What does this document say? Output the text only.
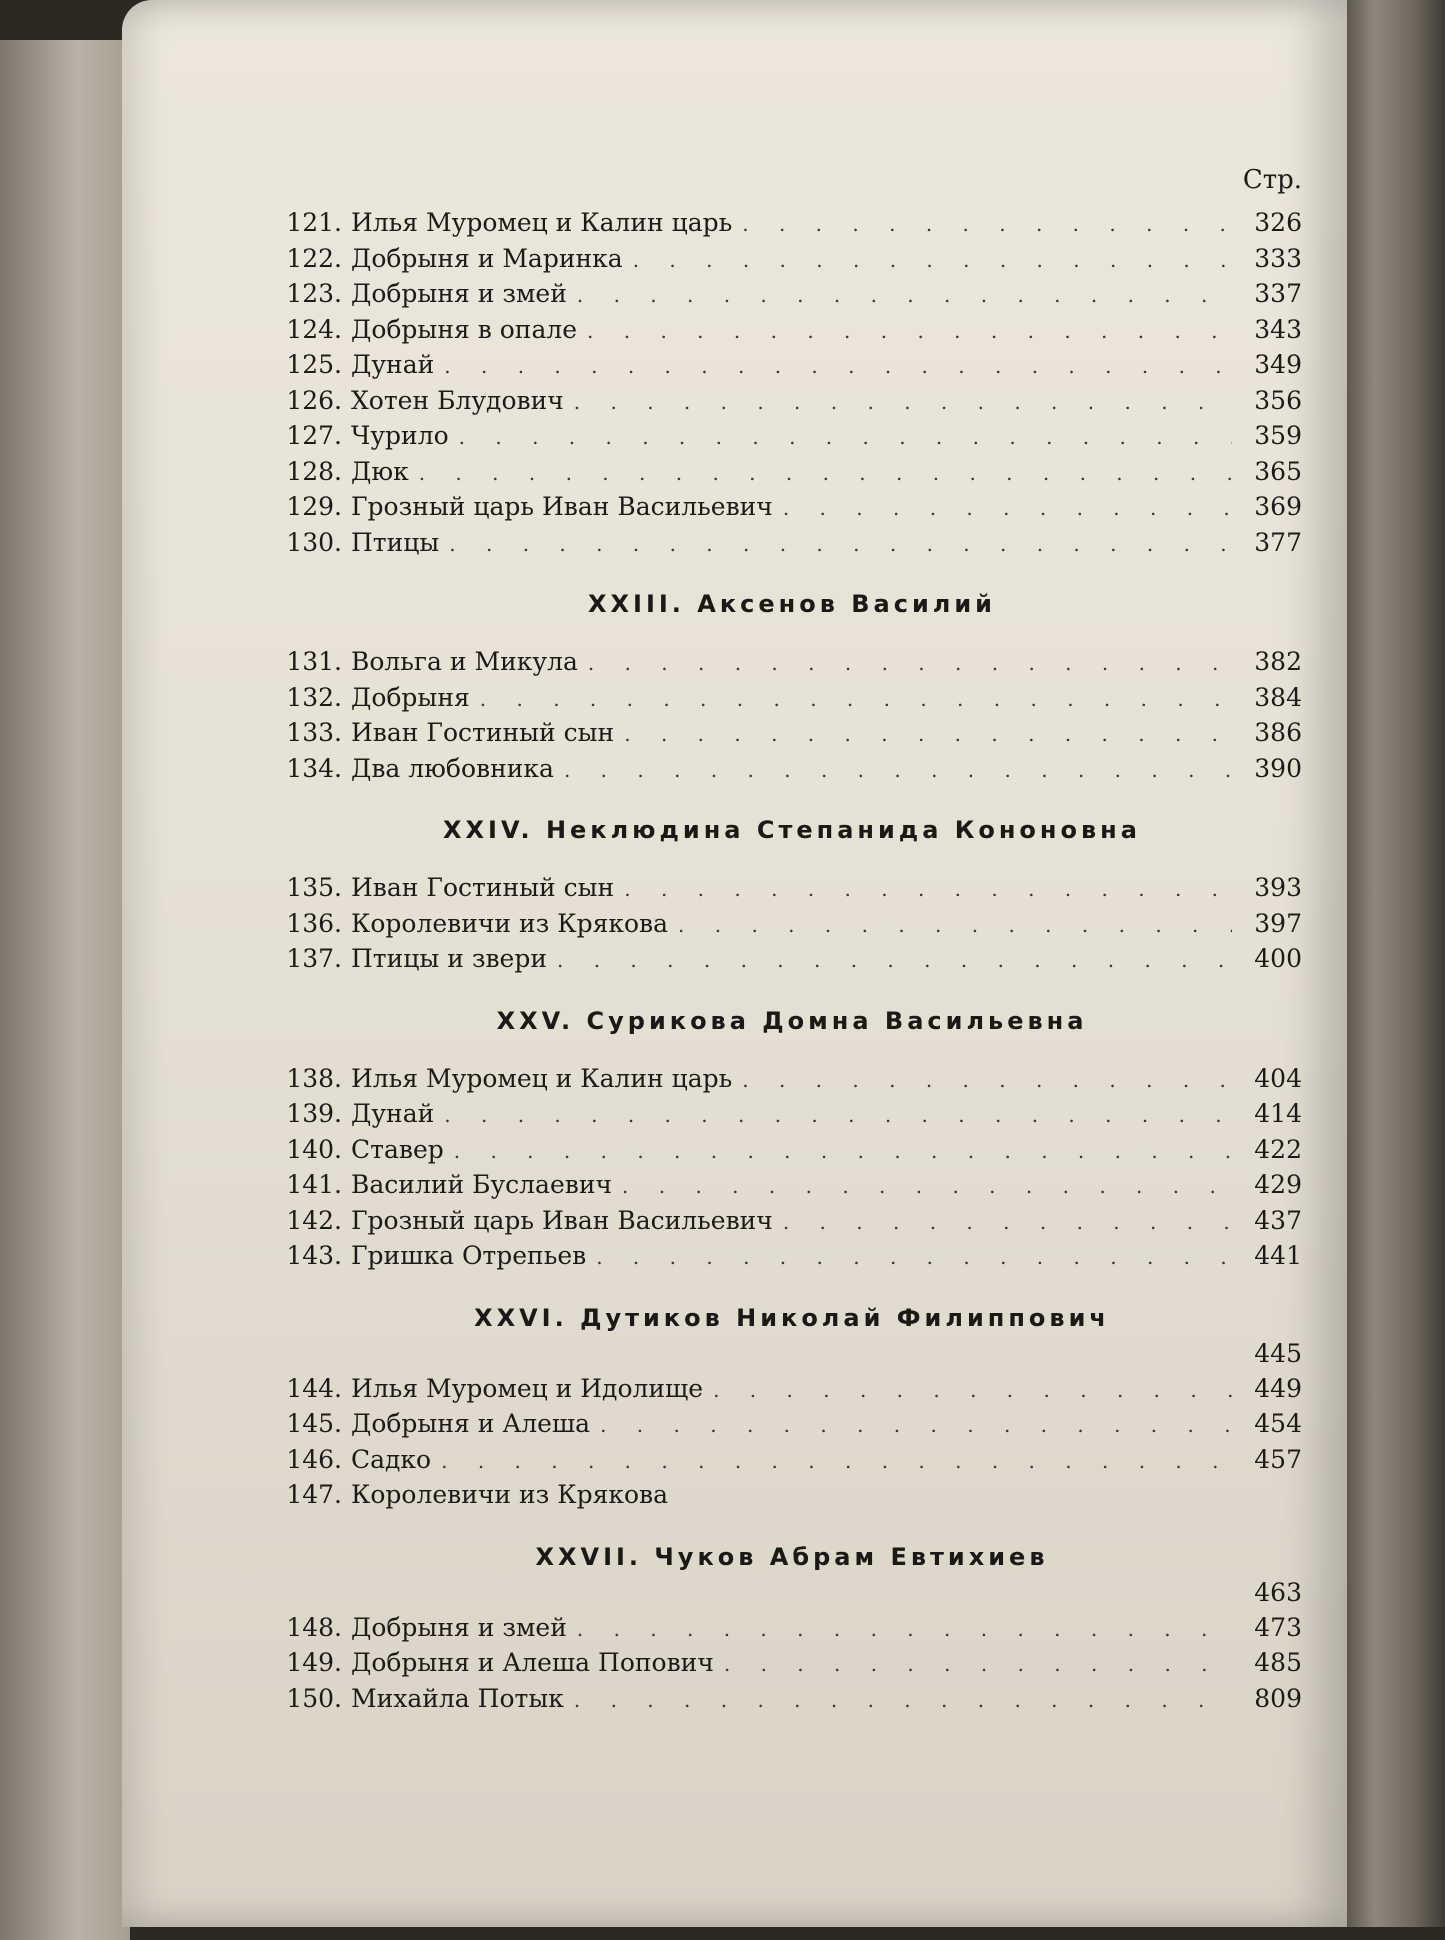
Стр.
121. Илья Муромец и Калин царь . . .	326
122. Добрыня и Маринка . . .	333
123. Добрыня и змей . . .	337
124. Добрыня в опале . . .	343
125. Дунай . . .	349
126. Хотен Блудович . . .	356
127. Чурило . . .	359
128. Дюк . . .	365
129. Грозный царь Иван Васильевич . . .	369
130. Птицы . . .	377
XXIII. Аксенов Василий
131. Вольга и Микула . . .	382
132. Добрыня . . .	384
133. Иван Гостиный сын . . .	386
134. Два любовника . . .	390
XXIV. Неклюдина Степанида Кононовна
135. Иван Гостиный сын . . .	393
136. Королевичи из Крякова . . .	397
137. Птицы и звери . . .	400
XXV. Сурикова Домна Васильевна
138. Илья Муромец и Калин царь . . .	404
139. Дунай . . .	414
140. Ставер . . .	422
141. Василий Буслаевич . . .	429
142. Грозный царь Иван Васильевич . . .	437
143. Гришка Отрепьев . . .	441
XXVI. Дутиков Николай Филиппович
445
144. Илья Муромец и Идолище . . .	449
145. Добрыня и Алеша . . .	454
146. Садко . . .	457
147. Королевичи из Крякова
XXVII. Чуков Абрам Евтихиев
463
148. Добрыня и змей . . .	473
149. Добрыня и Алеша Попович . . .	485
150. Михайла Потык . . .	809
